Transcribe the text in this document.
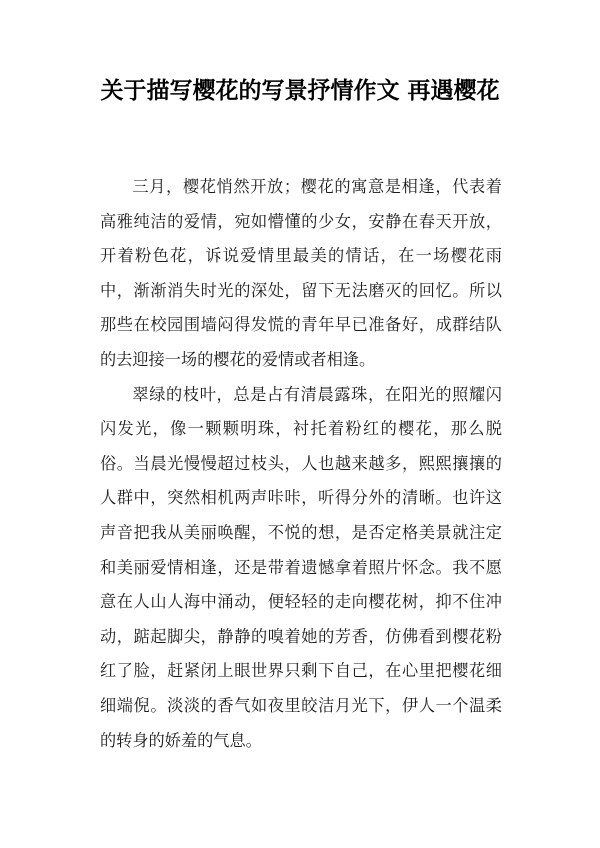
关于描写樱花的写景抒情作文 再遇樱花

三月，樱花悄然开放；樱花的寓意是相逢，代表着高雅纯洁的爱情，宛如懵懂的少女，安静在春天开放，开着粉色花，诉说爱情里最美的情话，在一场樱花雨中，渐渐消失时光的深处，留下无法磨灭的回忆。所以那些在校园围墙闷得发慌的青年早已准备好，成群结队的去迎接一场的樱花的爱情或者相逢。

翠绿的枝叶，总是占有清晨露珠，在阳光的照耀闪闪发光，像一颗颗明珠，衬托着粉红的樱花，那么脱俗。当晨光慢慢超过枝头，人也越来越多，熙熙攘攘的人群中，突然相机两声咔咔，听得分外的清晰。也许这声音把我从美丽唤醒，不悦的想，是否定格美景就注定和美丽爱情相逢，还是带着遗憾拿着照片怀念。我不愿意在人山人海中涌动，便轻轻的走向樱花树，抑不住冲动，踮起脚尖，静静的嗅着她的芳香，仿佛看到樱花粉红了脸，赶紧闭上眼世界只剩下自己，在心里把樱花细细端倪。淡淡的香气如夜里皎洁月光下，伊人一个温柔的转身的娇羞的气息。
